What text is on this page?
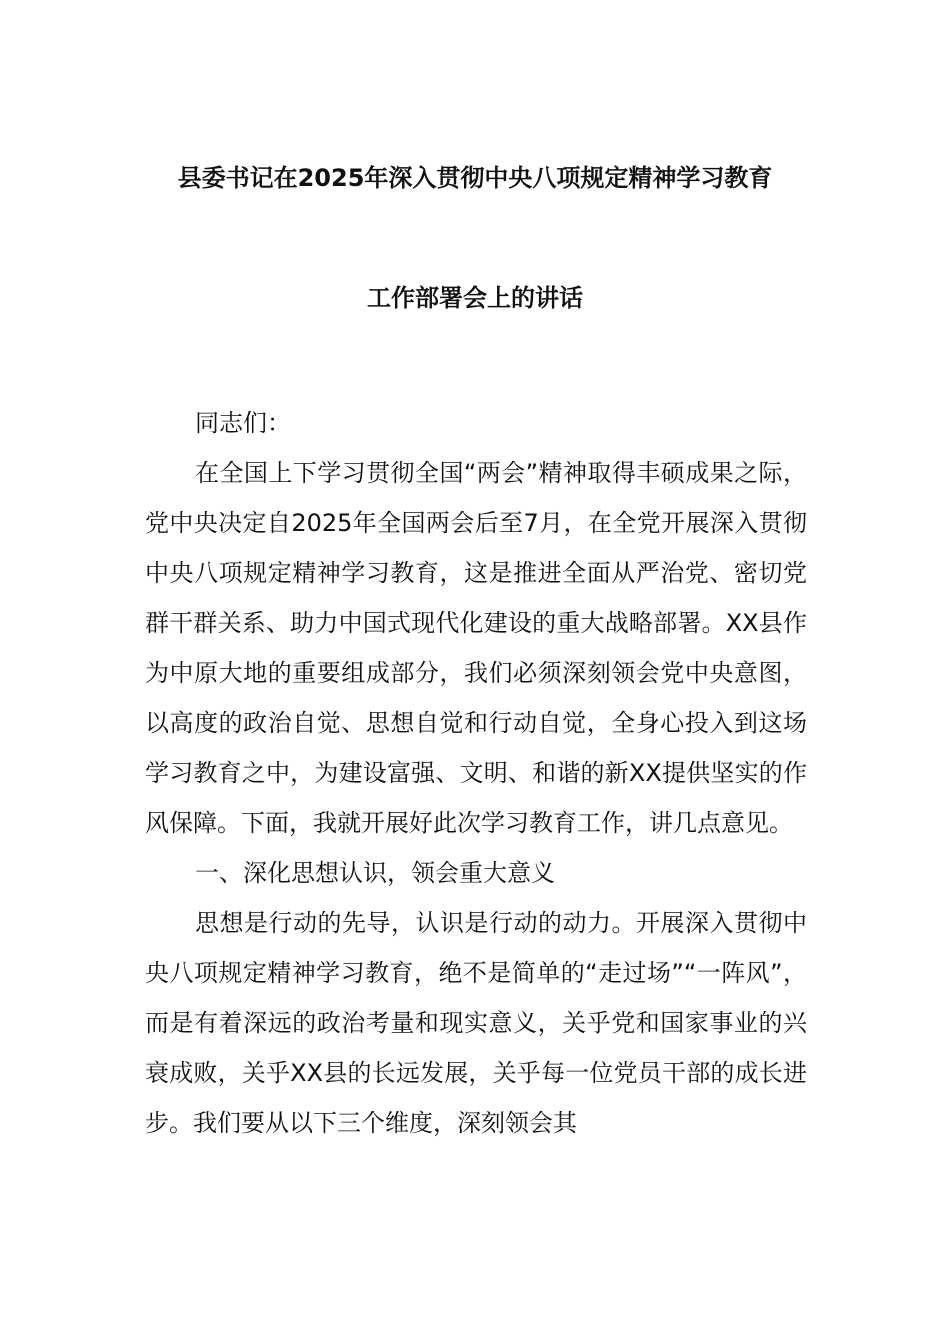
县委书记在2025年深入贯彻中央八项规定精神学习教育
工作部署会上的讲话

同志们：

在全国上下学习贯彻全国“两会”精神取得丰硕成果之际，党中央决定自2025年全国两会后至7月，在全党开展深入贯彻中央八项规定精神学习教育，这是推进全面从严治党、密切党群干群关系、助力中国式现代化建设的重大战略部署。XX县作为中原大地的重要组成部分，我们必须深刻领会党中央意图，以高度的政治自觉、思想自觉和行动自觉，全身心投入到这场学习教育之中，为建设富强、文明、和谐的新XX提供坚实的作风保障。下面，我就开展好此次学习教育工作，讲几点意见。

一、深化思想认识，领会重大意义

思想是行动的先导，认识是行动的动力。开展深入贯彻中央八项规定精神学习教育，绝不是简单的“走过场”“一阵风”，而是有着深远的政治考量和现实意义，关乎党和国家事业的兴衰成败，关乎XX县的长远发展，关乎每一位党员干部的成长进步。我们要从以下三个维度，深刻领会其
